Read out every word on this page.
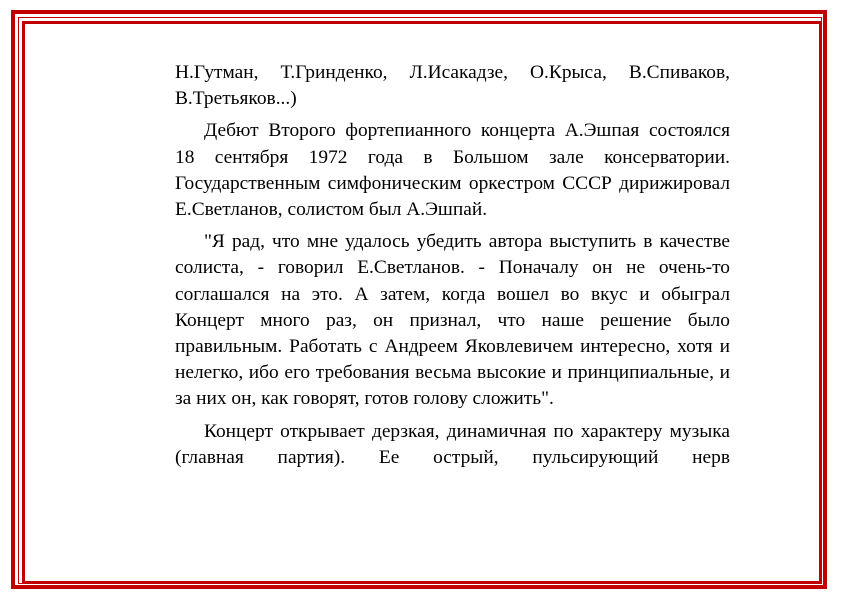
Н.Гутман, Т.Гринденко, Л.Исакадзе, О.Крыса, В.Спиваков, В.Третьяков...)

Дебют Второго фортепианного концерта А.Эшпая состоялся 18 сентября 1972 года в Большом зале консерватории. Государственным симфоническим оркестром СССР дирижировал Е.Светланов, солистом был А.Эшпай.

"Я рад, что мне удалось убедить автора выступить в качестве солиста, - говорил Е.Светланов. - Поначалу он не очень-то соглашался на это. А затем, когда вошел во вкус и обыграл Концерт много раз, он признал, что наше решение было правильным. Работать с Андреем Яковлевичем интересно, хотя и нелегко, ибо его требования весьма высокие и принципиальные, и за них он, как говорят, готов голову сложить".

Концерт открывает дерзкая, динамичная по характеру музыка (главная партия). Ее острый, пульсирующий нерв
